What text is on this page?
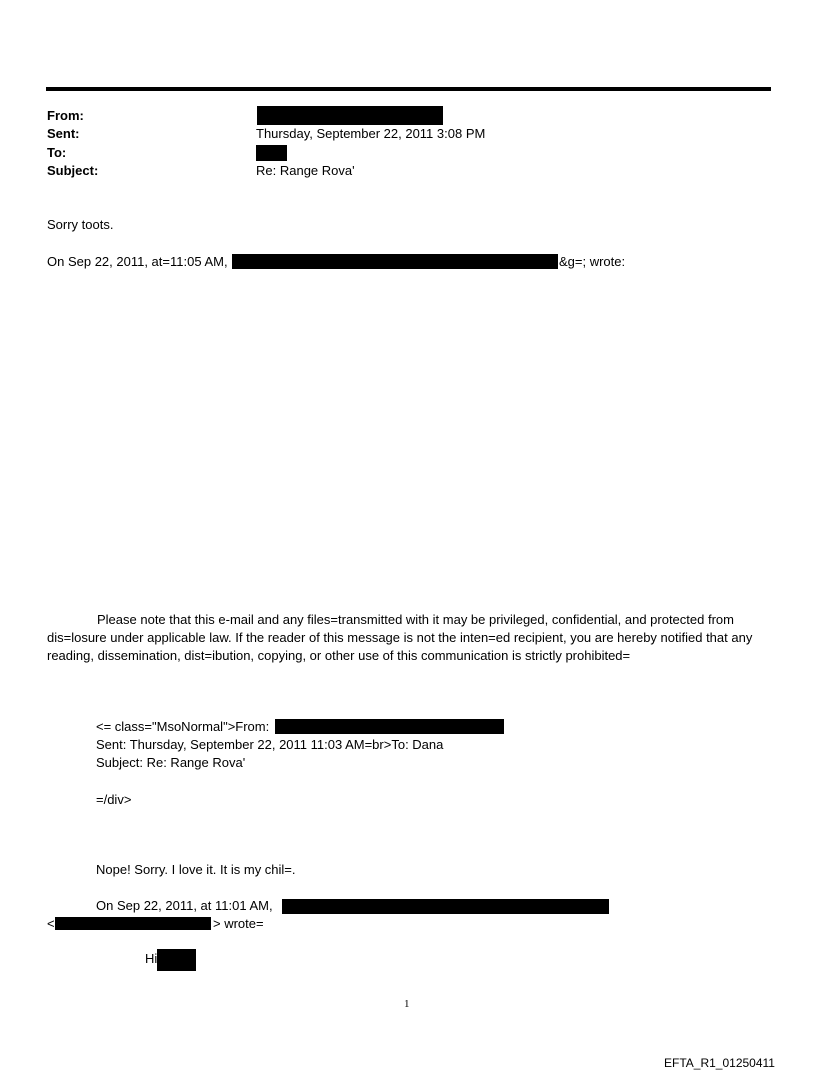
From:
Sent:	Thursday, September 22, 2011 3:08 PM
To:
Subject:	Re: Range Rova'
Sorry toots.
On Sep 22, 2011, at=11:05 AM,	&g=; wrote:
Please note that this e-mail and any files=transmitted with it may be privileged, confidential, and protected from dis=losure under applicable law. If the reader of this message is not the inten=ed recipient, you are hereby notified that any reading, dissemination, dist=ibution, copying, or other use of this communication is strictly prohibited=
<= class="MsoNormal">From:
Sent: Thursday, September 22, 2011 11:03 AM=br>To: Dana
Subject: Re: Range Rova'
=/div>
Nope! Sorry. I love it. It is my chil=.
On Sep 22, 2011, at 11:01 AM,
<	> wrote=
Hi
1
EFTA_R1_01250411
